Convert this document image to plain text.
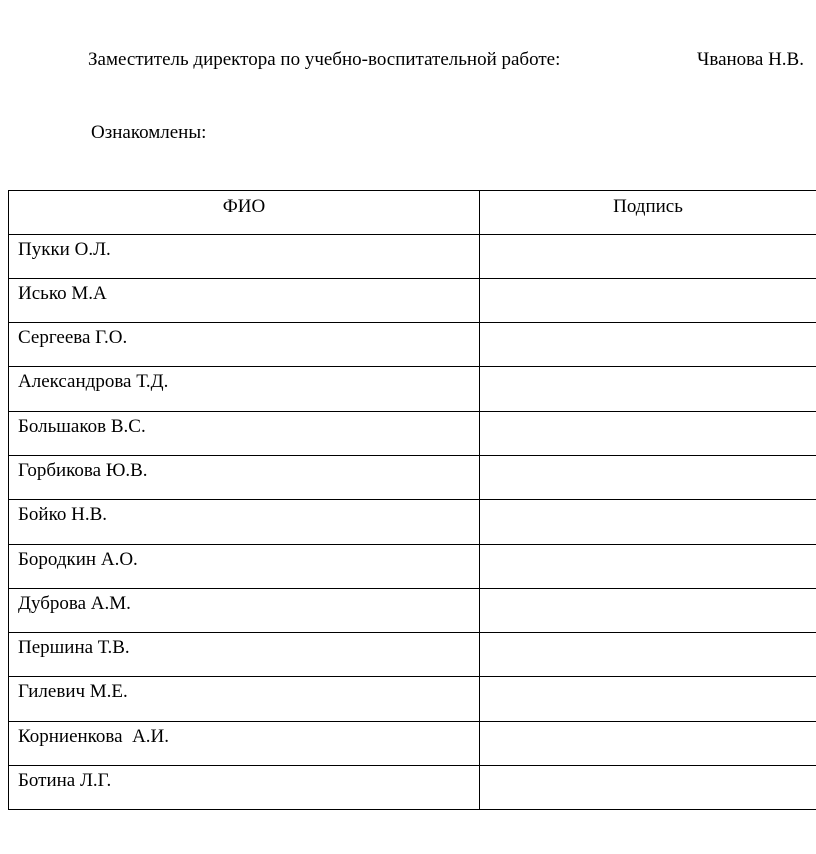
Заместитель директора по учебно-воспитательной работе:	Чванова Н.В.
Ознакомлены:
ФИО	Подпись
Пукки О.Л.	
Исько М.А	
Сергеева Г.О.	
Александрова Т.Д.	
Большаков В.С.	
Горбикова Ю.В.	
Бойко Н.В.	
Бородкин А.О.	
Дуброва А.М.	
Першина Т.В.	
Гилевич М.Е.	
Корниенкова  А.И.	
Ботина Л.Г.	
